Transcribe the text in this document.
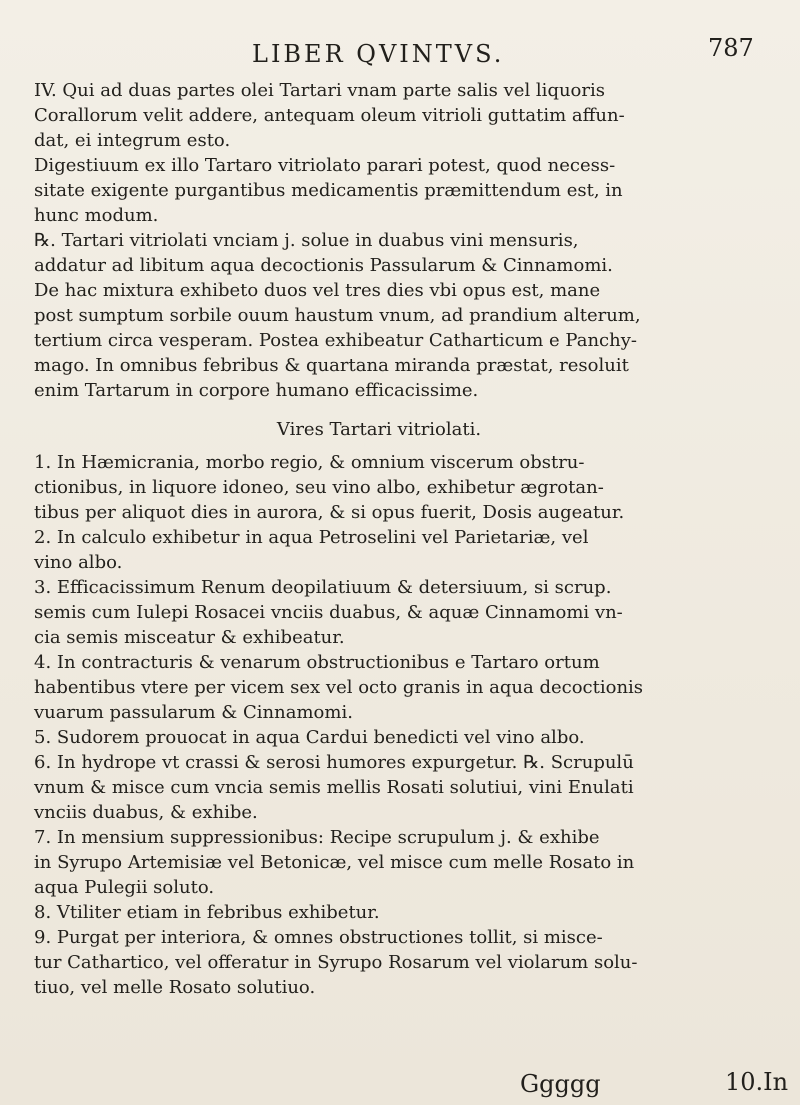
LIBER QVINTVS.	787
IV. Qui ad duas partes olei Tartari vnam parte salis vel liquoris
Corallorum velit addere, antequam oleum vitrioli guttatim affun-
dat, ei integrum esto.
Digestiuum ex illo Tartaro vitriolato parari potest, quod necess-
sitate exigente purgantibus medicamentis præmittendum est, in
hunc modum.
℞. Tartari vitriolati vnciam j. solue in duabus vini mensuris,
addatur ad libitum aqua decoctionis Passularum & Cinnamomi.
De hac mixtura exhibeto duos vel tres dies vbi opus est, mane
post sumptum sorbile ouum haustum vnum, ad prandium alterum,
tertium circa vesperam. Postea exhibeatur Catharticum e Panchy-
mago. In omnibus febribus & quartana miranda præstat, resoluit
enim Tartarum in corpore humano efficacissime.
Vires Tartari vitriolati.
1. In Hæmicrania, morbo regio, & omnium viscerum obstru-
ctionibus, in liquore idoneo, seu vino albo, exhibetur ægrotan-
tibus per aliquot dies in aurora, & si opus fuerit, Dosis augeatur.
2. In calculo exhibetur in aqua Petroselini vel Parietariæ, vel
vino albo.
3. Efficacissimum Renum deopilatiuum & detersiuum, si scrup.
semis cum Iulepi Rosacei vnciis duabus, & aquæ Cinnamomi vn-
cia semis misceatur & exhibeatur.
4. In contracturis & venarum obstructionibus e Tartaro ortum
habentibus vtere per vicem sex vel octo granis in aqua decoctionis
vuarum passularum & Cinnamomi.
5. Sudorem prouocat in aqua Cardui benedicti vel vino albo.
6. In hydrope vt crassi & serosi humores expurgetur. ℞. Scrupulū
vnum & misce cum vncia semis mellis Rosati solutiui, vini Enulati
vnciis duabus, & exhibe.
7. In mensium suppressionibus: Recipe scrupulum j. & exhibe
in Syrupo Artemisiæ vel Betonicæ, vel misce cum melle Rosato in
aqua Pulegii soluto.
8. Vtiliter etiam in febribus exhibetur.
9. Purgat per interiora, & omnes obstructiones tollit, si misce-
tur Cathartico, vel offeratur in Syrupo Rosarum vel violarum solu-
tiuo, vel melle Rosato solutiuo.
Ggggg	10.In
